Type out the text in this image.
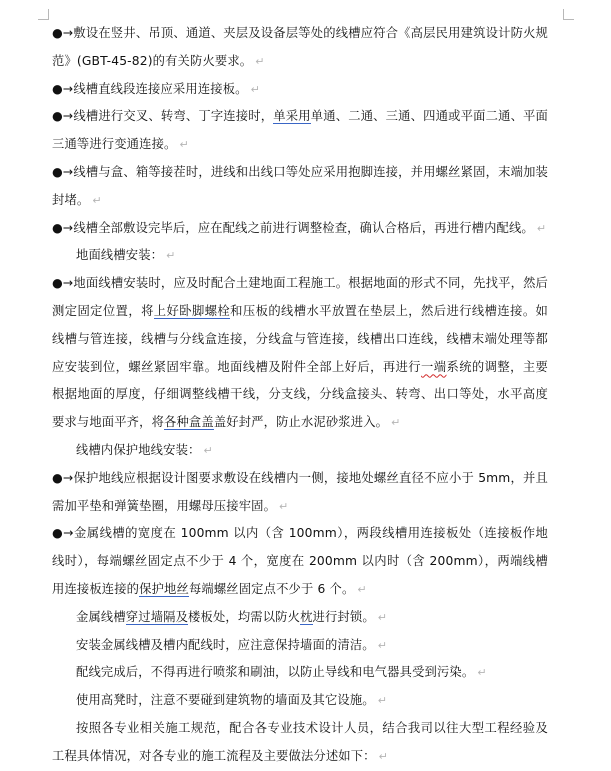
●→敷设在竖井、吊顶、通道、夹层及设备层等处的线槽应符合《高层民用建筑设计防火规范》(GBT-45-82)的有关防火要求。 ↵

●→线槽直线段连接应采用连接板。 ↵

●→线槽进行交叉、转弯、丁字连接时，单采用单通、二通、三通、四通或平面二通、平面三通等进行变通连接。 ↵

●→线槽与盒、箱等接茬时，进线和出线口等处应采用抱脚连接，并用螺丝紧固，末端加装封堵。 ↵

●→线槽全部敷设完毕后，应在配线之前进行调整检查，确认合格后，再进行槽内配线。 ↵

地面线槽安装： ↵

●→地面线槽安装时，应及时配合土建地面工程施工。根据地面的形式不同，先找平，然后测定固定位置，将上好卧脚螺栓和压板的线槽水平放置在垫层上，然后进行线槽连接。如线槽与管连接，线槽与分线盒连接，分线盒与管连接，线槽出口连线，线槽末端处理等都应安装到位，螺丝紧固牢靠。地面线槽及附件全部上好后，再进行一端系统的调整，主要根据地面的厚度，仔细调整线槽干线，分支线，分线盒接头、转弯、出口等处，水平高度要求与地面平齐，将各种盒盖盖好封严，防止水泥砂浆进入。 ↵

线槽内保护地线安装： ↵

●→保护地线应根据设计图要求敷设在线槽内一侧，接地处螺丝直径不应小于 5mm，并且需加平垫和弹簧垫圈，用螺母压接牢固。 ↵

●→金属线槽的宽度在 100mm 以内（含 100mm），两段线槽用连接板处（连接板作地线时），每端螺丝固定点不少于 4 个，宽度在 200mm 以内时（含 200mm），两端线槽用连接板连接的保护地丝每端螺丝固定点不少于 6 个。 ↵

金属线槽穿过墙隔及楼板处，均需以防火枕进行封锁。 ↵

安装金属线槽及槽内配线时，应注意保持墙面的清洁。 ↵

配线完成后，不得再进行喷浆和刷油，以防止导线和电气器具受到污染。 ↵

使用高凳时，注意不要碰到建筑物的墙面及其它设施。 ↵

按照各专业相关施工规范，配合各专业技术设计人员，结合我司以往大型工程经验及工程具体情况，对各专业的施工流程及主要做法分述如下： ↵
